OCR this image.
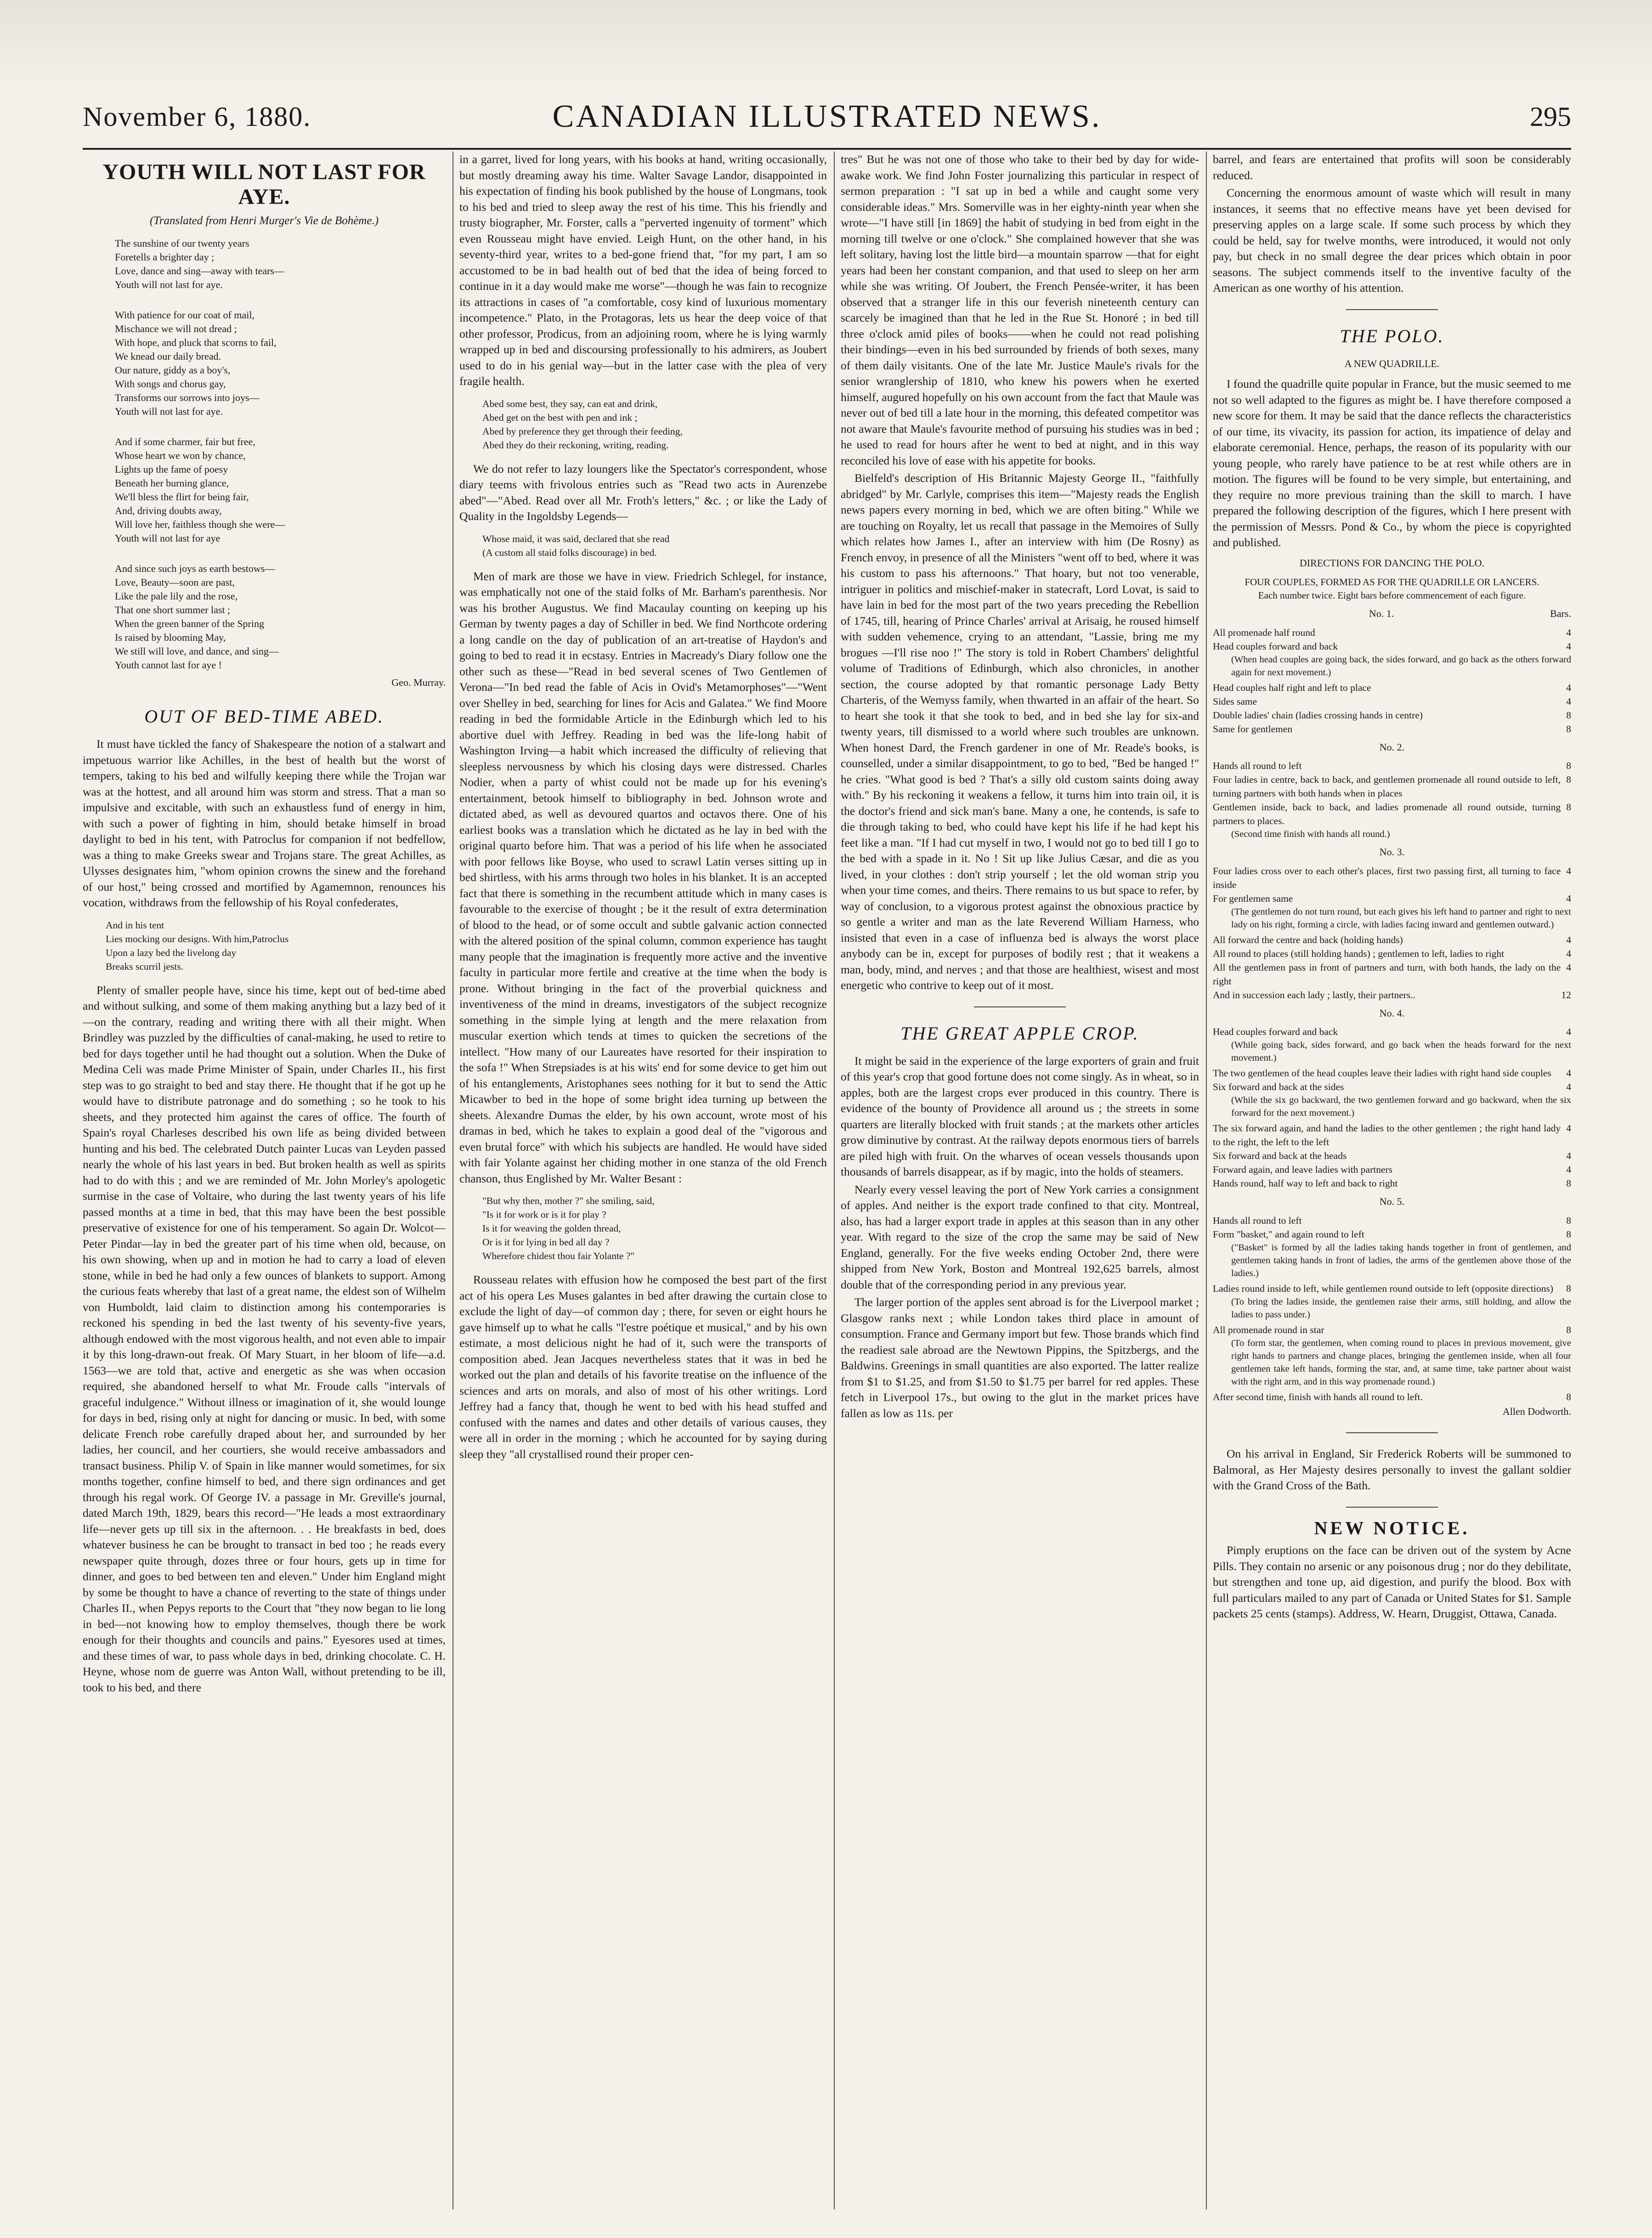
November 6, 1880.	CANADIAN ILLUSTRATED NEWS.	295
YOUTH WILL NOT LAST FOR AYE.
(Translated from Henri Murger's Vie de Bohème.)
The sunshine of our twenty years
Foretells a brighter day ;
Love, dance and sing—away with tears—
Youth will not last for aye.
With patience for our coat of mail,
Mischance we will not dread ;
With hope, and pluck that scorns to fail,
We knead our daily bread.
Our nature, giddy as a boy's,
With songs and chorus gay,
Transforms our sorrows into joys—
Youth will not last for aye.
And if some charmer, fair but free,
Whose heart we won by chance,
Lights up the fame of poesy
Beneath her burning glance,
We'll bless the flirt for being fair,
And, driving doubts away,
Will love her, faithless though she were—
Youth will not last for aye
And since such joys as earth bestows—
Love, Beauty—soon are past,
Like the pale lily and the rose,
That one short summer last ;
When the green banner of the Spring
Is raised by blooming May,
We still will love, and dance, and sing—
Youth cannot last for aye !
Geo. Murray.
OUT OF BED-TIME ABED.

It must have tickled the fancy of Shakespeare the notion of a stalwart and impetuous warrior like Achilles, in the best of health but the worst of tempers, taking to his bed and wilfully keeping there while the Trojan war was at the hottest, and all around him was storm and stress. That a man so impulsive and excitable, with such an exhaustless fund of energy in him, with such a power of fighting in him, should betake himself in broad daylight to bed in his tent, with Patroclus for companion if not bedfellow, was a thing to make Greeks swear and Trojans stare. The great Achilles, as Ulysses designates him, "whom opinion crowns the sinew and the forehand of our host," being crossed and mortified by Agamemnon, renounces his vocation, withdraws from the fellowship of his Royal confederates,

And in his tent
Lies mocking our designs. With him,Patroclus
Upon a lazy bed the livelong day
Breaks scurril jests.

Plenty of smaller people have, since his time, kept out of bed-time abed and without sulking, and some of them making anything but a lazy bed of it—on the contrary, reading and writing there with all their might. When Brindley was puzzled by the difficulties of canal-making, he used to retire to bed for days together until he had thought out a solution. When the Duke of Medina Celi was made Prime Minister of Spain, under Charles II., his first step was to go straight to bed and stay there. He thought that if he got up he would have to distribute patronage and do something ; so he took to his sheets, and they protected him against the cares of office. The fourth of Spain's royal Charleses described his own life as being divided between hunting and his bed. The celebrated Dutch painter Lucas van Leyden passed nearly the whole of his last years in bed. But broken health as well as spirits had to do with this ; and we are reminded of Mr. John Morley's apologetic surmise in the case of Voltaire, who during the last twenty years of his life passed months at a time in bed, that this may have been the best possible preservative of existence for one of his temperament. So again Dr. Wolcot—Peter Pindar—lay in bed the greater part of his time when old, because, on his own showing, when up and in motion he had to carry a load of eleven stone, while in bed he had only a few ounces of blankets to support. Among the curious feats whereby that last of a great name, the eldest son of Wilhelm von Humboldt, laid claim to distinction among his contemporaries is reckoned his spending in bed the last twenty of his seventy-five years, although endowed with the most vigorous health, and not even able to impair it by this long-drawn-out freak. Of Mary Stuart, in her bloom of life—a.d. 1563—we are told that, active and energetic as she was when occasion required, she abandoned herself to what Mr. Froude calls "intervals of graceful indulgence." Without illness or imagination of it, she would lounge for days in bed, rising only at night for dancing or music. In bed, with some delicate French robe carefully draped about her, and surrounded by her ladies, her council, and her courtiers, she would receive ambassadors and transact business. Philip V. of Spain in like manner would sometimes, for six months together, confine himself to bed, and there sign ordinances and get through his regal work. Of George IV. a passage in Mr. Greville's journal, dated March 19th, 1829, bears this record—"He leads a most extraordinary life—never gets up till six in the afternoon. . . He breakfasts in bed, does whatever business he can be brought to transact in bed too ; he reads every newspaper quite through, dozes three or four hours, gets up in time for dinner, and goes to bed between ten and eleven." Under him England might by some be thought to have a chance of reverting to the state of things under Charles II., when Pepys reports to the Court that "they now began to lie long in bed—not knowing how to employ themselves, though there be work enough for their thoughts and councils and pains." Eyesores used at times, and these times of war, to pass whole days in bed, drinking chocolate. C. H. Heyne, whose nom de guerre was Anton Wall, without pretending to be ill, took to his bed, and there

in a garret, lived for long years, with his books at hand, writing occasionally, but mostly dreaming away his time. Walter Savage Landor, disappointed in his expectation of finding his book published by the house of Longmans, took to his bed and tried to sleep away the rest of his time. This his friendly and trusty biographer, Mr. Forster, calls a "perverted ingenuity of torment" which even Rousseau might have envied. Leigh Hunt, on the other hand, in his seventy-third year, writes to a bed-gone friend that, "for my part, I am so accustomed to be in bad health out of bed that the idea of being forced to continue in it a day would make me worse"—though he was fain to recognize its attractions in cases of "a comfortable, cosy kind of luxurious momentary incompetence." Plato, in the Protagoras, lets us hear the deep voice of that other professor, Prodicus, from an adjoining room, where he is lying warmly wrapped up in bed and discoursing professionally to his admirers, as Joubert used to do in his genial way—but in the latter case with the plea of very fragile health.

Abed some best, they say, can eat and drink,
Abed get on the best with pen and ink ;
Abed by preference they get through their feeding,
Abed they do their reckoning, writing, reading.

We do not refer to lazy loungers like the Spectator's correspondent, whose diary teems with frivolous entries such as "Read two acts in Aurenzebe abed"—"Abed. Read over all Mr. Froth's letters," &c. ; or like the Lady of Quality in the Ingoldsby Legends—

Whose maid, it was said, declared that she read
(A custom all staid folks discourage) in bed.

Men of mark are those we have in view. Friedrich Schlegel, for instance, was emphatically not one of the staid folks of Mr. Barham's parenthesis. Nor was his brother Augustus. We find Macaulay counting on keeping up his German by twenty pages a day of Schiller in bed. We find Northcote ordering a long candle on the day of publication of an art-treatise of Haydon's and going to bed to read it in ecstasy. Entries in Macready's Diary follow one the other such as these—"Read in bed several scenes of Two Gentlemen of Verona—"In bed read the fable of Acis in Ovid's Metamorphoses"—"Went over Shelley in bed, searching for lines for Acis and Galatea." We find Moore reading in bed the formidable Article in the Edinburgh which led to his abortive duel with Jeffrey. Reading in bed was the life-long habit of Washington Irving—a habit which increased the difficulty of relieving that sleepless nervousness by which his closing days were distressed. Charles Nodier, when a party of whist could not be made up for his evening's entertainment, betook himself to bibliography in bed. Johnson wrote and dictated abed, as well as devoured quartos and octavos there. One of his earliest books was a translation which he dictated as he lay in bed with the original quarto before him. That was a period of his life when he associated with poor fellows like Boyse, who used to scrawl Latin verses sitting up in bed shirtless, with his arms through two holes in his blanket. It is an accepted fact that there is something in the recumbent attitude which in many cases is favourable to the exercise of thought ; be it the result of extra determination of blood to the head, or of some occult and subtle galvanic action connected with the altered position of the spinal column, common experience has taught many people that the imagination is frequently more active and the inventive faculty in particular more fertile and creative at the time when the body is prone. Without bringing in the fact of the proverbial quickness and inventiveness of the mind in dreams, investigators of the subject recognize something in the simple lying at length and the mere relaxation from muscular exertion which tends at times to quicken the secretions of the intellect. "How many of our Laureates have resorted for their inspiration to the sofa !" When Strepsiades is at his wits' end for some device to get him out of his entanglements, Aristophanes sees nothing for it but to send the Attic Micawber to bed in the hope of some bright idea turning up between the sheets. Alexandre Dumas the elder, by his own account, wrote most of his dramas in bed, which he takes to explain a good deal of the "vigorous and even brutal force" with which his subjects are handled. He would have sided with fair Yolante against her chiding mother in one stanza of the old French chanson, thus Englished by Mr. Walter Besant :

"But why then, mother ?" she smiling, said,
"Is it for work or is it for play ?
Is it for weaving the golden thread,
Or is it for lying in bed all day ?
Wherefore chidest thou fair Yolante ?"

Rousseau relates with effusion how he composed the best part of the first act of his opera Les Muses galantes in bed after drawing the curtain close to exclude the light of day—of common day ; there, for seven or eight hours he gave himself up to what he calls "l'estre poétique et musical," and by his own estimate, a most delicious night he had of it, such were the transports of composition abed. Jean Jacques nevertheless states that it was in bed he worked out the plan and details of his favorite treatise on the influence of the sciences and arts on morals, and also of most of his other writings. Lord Jeffrey had a fancy that, though he went to bed with his head stuffed and confused with the names and dates and other details of various causes, they were all in order in the morning ; which he accounted for by saying during sleep they "all crystallised round their proper cen-

tres" But he was not one of those who take to their bed by day for wide-awake work. We find John Foster journalizing this particular in respect of sermon preparation : "I sat up in bed a while and caught some very considerable ideas." Mrs. Somerville was in her eighty-ninth year when she wrote—"I have still [in 1869] the habit of studying in bed from eight in the morning till twelve or one o'clock." She complained however that she was left solitary, having lost the little bird—a mountain sparrow —that for eight years had been her constant companion, and that used to sleep on her arm while she was writing. Of Joubert, the French Pensée-writer, it has been observed that a stranger life in this our feverish nineteenth century can scarcely be imagined than that he led in the Rue St. Honoré ; in bed till three o'clock amid piles of books——when he could not read polishing their bindings—even in his bed surrounded by friends of both sexes, many of them daily visitants. One of the late Mr. Justice Maule's rivals for the senior wranglership of 1810, who knew his powers when he exerted himself, augured hopefully on his own account from the fact that Maule was never out of bed till a late hour in the morning, this defeated competitor was not aware that Maule's favourite method of pursuing his studies was in bed ; he used to read for hours after he went to bed at night, and in this way reconciled his love of ease with his appetite for books.

Bielfeld's description of His Britannic Majesty George II., "faithfully abridged" by Mr. Carlyle, comprises this item—"Majesty reads the English news papers every morning in bed, which we are often biting." While we are touching on Royalty, let us recall that passage in the Memoires of Sully which relates how James I., after an interview with him (De Rosny) as French envoy, in presence of all the Ministers "went off to bed, where it was his custom to pass his afternoons." That hoary, but not too venerable, intriguer in politics and mischief-maker in statecraft, Lord Lovat, is said to have lain in bed for the most part of the two years preceding the Rebellion of 1745, till, hearing of Prince Charles' arrival at Arisaig, he roused himself with sudden vehemence, crying to an attendant, "Lassie, bring me my brogues —I'll rise noo !" The story is told in Robert Chambers' delightful volume of Traditions of Edinburgh, which also chronicles, in another section, the course adopted by that romantic personage Lady Betty Charteris, of the Wemyss family, when thwarted in an affair of the heart. So to heart she took it that she took to bed, and in bed she lay for six-and twenty years, till dismissed to a world where such troubles are unknown. When honest Dard, the French gardener in one of Mr. Reade's books, is counselled, under a similar disappointment, to go to bed, "Bed be hanged !" he cries. "What good is bed ? That's a silly old custom saints doing away with." By his reckoning it weakens a fellow, it turns him into train oil, it is the doctor's friend and sick man's bane. Many a one, he contends, is safe to die through taking to bed, who could have kept his life if he had kept his feet like a man. "If I had cut myself in two, I would not go to bed till I go to the bed with a spade in it. No ! Sit up like Julius Cæsar, and die as you lived, in your clothes : don't strip yourself ; let the old woman strip you when your time comes, and theirs. There remains to us but space to refer, by way of conclusion, to a vigorous protest against the obnoxious practice by so gentle a writer and man as the late Reverend William Harness, who insisted that even in a case of influenza bed is always the worst place anybody can be in, except for purposes of bodily rest ; that it weakens a man, body, mind, and nerves ; and that those are healthiest, wisest and most energetic who contrive to keep out of it most.

THE GREAT APPLE CROP.

It might be said in the experience of the large exporters of grain and fruit of this year's crop that good fortune does not come singly. As in wheat, so in apples, both are the largest crops ever produced in this country. There is evidence of the bounty of Providence all around us ; the streets in some quarters are literally blocked with fruit stands ; at the markets other articles grow diminutive by contrast. At the railway depots enormous tiers of barrels are piled high with fruit. On the wharves of ocean vessels thousands upon thousands of barrels disappear, as if by magic, into the holds of steamers.

Nearly every vessel leaving the port of New York carries a consignment of apples. And neither is the export trade confined to that city. Montreal, also, has had a larger export trade in apples at this season than in any other year. With regard to the size of the crop the same may be said of New England, generally. For the five weeks ending October 2nd, there were shipped from New York, Boston and Montreal 192,625 barrels, almost double that of the corresponding period in any previous year.

The larger portion of the apples sent abroad is for the Liverpool market ; Glasgow ranks next ; while London takes third place in amount of consumption. France and Germany import but few. Those brands which find the readiest sale abroad are the Newtown Pippins, the Spitzbergs, and the Baldwins. Greenings in small quantities are also exported. The latter realize from $1 to $1.25, and from $1.50 to $1.75 per barrel for red apples. These fetch in Liverpool 17s., but owing to the glut in the market prices have fallen as low as 11s. per

barrel, and fears are entertained that profits will soon be considerably reduced.

Concerning the enormous amount of waste which will result in many instances, it seems that no effective means have yet been devised for preserving apples on a large scale. If some such process by which they could be held, say for twelve months, were introduced, it would not only pay, but check in no small degree the dear prices which obtain in poor seasons. The subject commends itself to the inventive faculty of the American as one worthy of his attention.

THE POLO.
A NEW QUADRILLE.

I found the quadrille quite popular in France, but the music seemed to me not so well adapted to the figures as might be. I have therefore composed a new score for them. It may be said that the dance reflects the characteristics of our time, its vivacity, its passion for action, its impatience of delay and elaborate ceremonial. Hence, perhaps, the reason of its popularity with our young people, who rarely have patience to be at rest while others are in motion. The figures will be found to be very simple, but entertaining, and they require no more previous training than the skill to march. I have prepared the following description of the figures, which I here present with the permission of Messrs. Pond & Co., by whom the piece is copyrighted and published.

DIRECTIONS FOR DANCING THE POLO.
FOUR COUPLES, FORMED AS FOR THE QUADRILLE OR LANCERS.
Each number twice. Eight bars before commencement of each figure.
No. 1.	Bars.
All promenade half round	4
Head couples forward and back	4
(When head couples are going back, the sides forward, and go back as the others forward again for next movement.)
Head couples half right and left to place	4
Sides same	4
Double ladies' chain (ladies crossing hands in centre)	8
Same for gentlemen	8
No. 2.
Hands all round to left	8
Four ladies in centre, back to back, and gentlemen promenade all round outside to left, turning partners with both hands when in places
8
Gentlemen inside, back to back, and ladies promenade all round outside, turning partners to places.
8
(Second time finish with hands all round.)
No. 3.
Four ladies cross over to each other's places, first two passing first, all turning to face inside
4
For gentlemen same	4
(The gentlemen do not turn round, but each gives his left hand to partner and right to next lady on his right, forming a circle, with ladies facing inward and gentlemen outward.)
All forward the centre and back (holding hands)	4
All round to places (still holding hands) ; gentlemen to left, ladies to right	4
All the gentlemen pass in front of partners and turn, with both hands, the lady on the right
4
And in succession each lady ; lastly, their partners..	12
No. 4.
Head couples forward and back	4
(While going back, sides forward, and go back when the heads forward for the next movement.)
The two gentlemen of the head couples leave their ladies with right hand side couples 4
Six forward and back at the sides	4
(While the six go backward, the two gentlemen forward and go backward, when the six forward for the next movement.)
The six forward again, and hand the ladies to the other gentlemen ; the right hand lady to the right, the left to the left
4
Six forward and back at the heads	4
Forward again, and leave ladies with partners	4
Hands round, half way to left and back to right	8
No. 5.
Hands all round to left	8
Form "basket," and again round to left	8
("Basket" is formed by all the ladies taking hands together in front of gentlemen, and gentlemen taking hands in front of ladies, the arms of the gentlemen above those of the ladies.)
Ladies round inside to left, while gentlemen round outside to left (opposite directions) 8
(To bring the ladies inside, the gentlemen raise their arms, still holding, and allow the ladies to pass under.)
All promenade round in star	8
(To form star, the gentlemen, when coming round to places in previous movement, give right hands to partners and change places, bringing the gentlemen inside, when all four gentlemen take left hands, forming the star, and, at same time, take partner about waist with the right arm, and in this way promenade round.)
After second time, finish with hands all round to left.	8
Allen Dodworth.

On his arrival in England, Sir Frederick Roberts will be summoned to Balmoral, as Her Majesty desires personally to invest the gallant soldier with the Grand Cross of the Bath.

NEW NOTICE.

Pimply eruptions on the face can be driven out of the system by Acne Pills. They contain no arsenic or any poisonous drug ; nor do they debilitate, but strengthen and tone up, aid digestion, and purify the blood. Box with full particulars mailed to any part of Canada or United States for $1. Sample packets 25 cents (stamps). Address, W. Hearn, Druggist, Ottawa, Canada.
